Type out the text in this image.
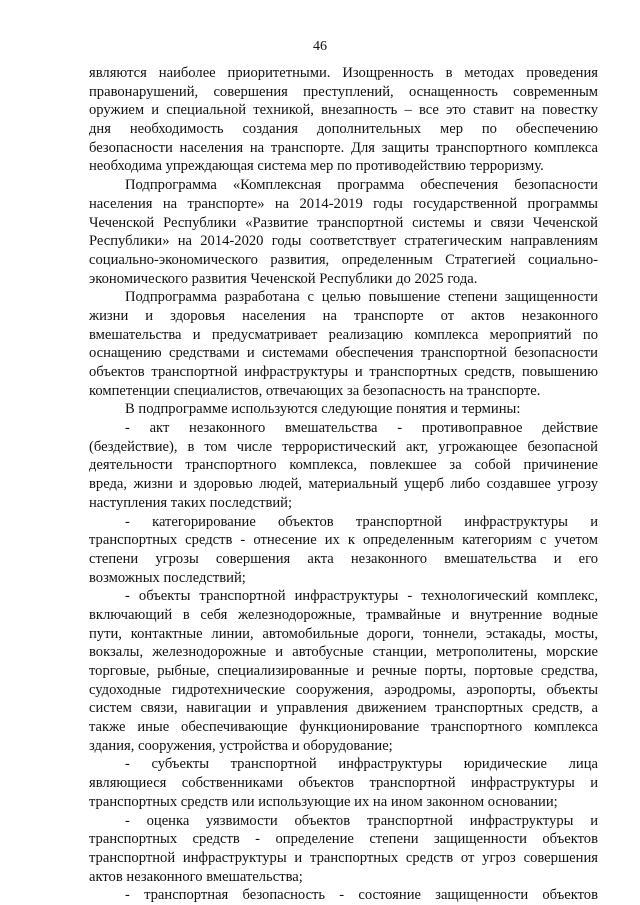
46
являются наиболее приоритетными. Изощренность в методах проведения
правонарушений, совершения преступлений, оснащенность современным
оружием и специальной техникой, внезапность – все это ставит на повестку
дня необходимость создания дополнительных мер по обеспечению
безопасности населения на транспорте. Для защиты транспортного комплекса
необходима упреждающая система мер по противодействию терроризму.
Подпрограмма «Комплексная программа обеспечения безопасности
населения на транспорте» на 2014-2019 годы государственной программы
Чеченской Республики «Развитие транспортной системы и связи Чеченской
Республики» на 2014-2020 годы соответствует стратегическим направлениям
социально-экономического развития, определенным Стратегией социально-
экономического развития Чеченской Республики до 2025 года.
Подпрограмма разработана с целью повышение степени защищенности
жизни и здоровья населения на транспорте от актов незаконного
вмешательства и предусматривает реализацию комплекса мероприятий по
оснащению средствами и системами обеспечения транспортной безопасности
объектов транспортной инфраструктуры и транспортных средств, повышению
компетенции специалистов, отвечающих за безопасность на транспорте.
В подпрограмме используются следующие понятия и термины:
- акт незаконного вмешательства - противоправное действие
(бездействие), в том числе террористический акт, угрожающее безопасной
деятельности транспортного комплекса, повлекшее за собой причинение
вреда, жизни и здоровью людей, материальный ущерб либо создавшее угрозу
наступления таких последствий;
- категорирование объектов транспортной инфраструктуры и
транспортных средств - отнесение их к определенным категориям с учетом
степени угрозы совершения акта незаконного вмешательства и его
возможных последствий;
- объекты транспортной инфраструктуры - технологический комплекс,
включающий в себя железнодорожные, трамвайные и внутренние водные
пути, контактные линии, автомобильные дороги, тоннели, эстакады, мосты,
вокзалы, железнодорожные и автобусные станции, метрополитены, морские
торговые, рыбные, специализированные и речные порты, портовые средства,
судоходные гидротехнические сооружения, аэродромы, аэропорты, объекты
систем связи, навигации и управления движением транспортных средств, а
также иные обеспечивающие функционирование транспортного комплекса
здания, сооружения, устройства и оборудование;
- субъекты транспортной инфраструктуры юридические лица
являющиеся собственниками объектов транспортной инфраструктуры и
транспортных средств или использующие их на ином законном основании;
- оценка уязвимости объектов транспортной инфраструктуры и
транспортных средств - определение степени защищенности объектов
транспортной инфраструктуры и транспортных средств от угроз совершения
актов незаконного вмешательства;
- транспортная безопасность - состояние защищенности объектов
